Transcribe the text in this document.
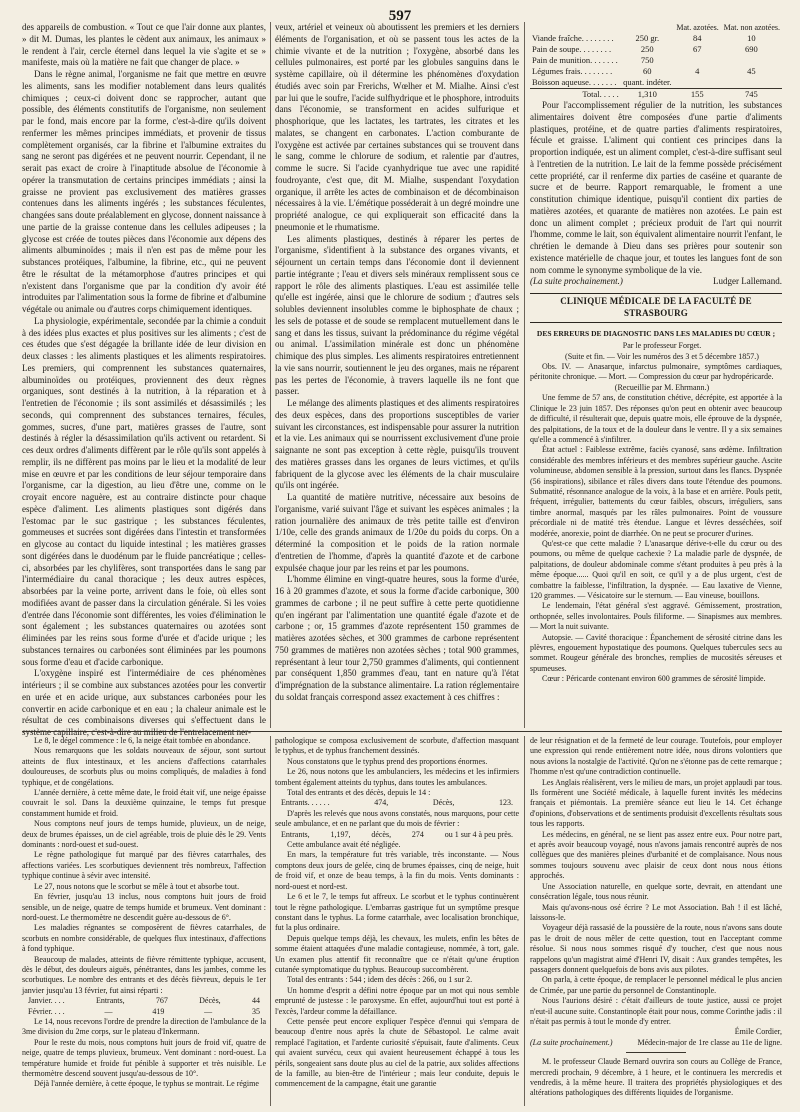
597

des appareils de combustion. « Tout ce que l'air donne aux plantes, » dit M. Dumas, les plantes le cèdent aux animaux, les animaux » le rendent à l'air, cercle éternel dans lequel la vie s'agite et se » manifeste, mais où la matière ne fait que changer de place. »

Dans le règne animal, l'organisme ne fait que mettre en œuvre les aliments, sans les modifier notablement dans leurs qualités chimiques ; ceux-ci doivent donc se rapprocher, autant que possible, des éléments constitutifs de l'organisme, non seulement par le fond, mais encore par la forme, c'est-à-dire qu'ils doivent renfermer les mêmes principes immédiats, et provenir de tissus complètement organisés, car la fibrine et l'albumine extraites du sang ne seront pas digérées et ne peuvent nourrir. Cependant, il ne serait pas exact de croire à l'inaptitude absolue de l'économie à opérer la transmutation de certains principes immédiats ; ainsi la graisse ne provient pas exclusivement des matières grasses contenues dans les aliments ingérés ; les substances féculentes, changées sans doute préalablement en glycose, donnent naissance à une partie de la graisse contenue dans les cellules adipeuses ; la glycose est créée de toutes pièces dans l'économie aux dépens des aliments albuminoïdes ; mais il n'en est pas de même pour les substances protéiques, l'albumine, la fibrine, etc., qui ne peuvent être le résultat de la métamorphose d'autres principes et qui n'existent dans l'organisme que par la condition d'y avoir été introduites par l'alimentation sous la forme de fibrine et d'albumine végétale ou animale ou d'autres corps chimiquement identiques.

La physiologie, expérimentale, secondée par la chimie a conduit à des idées plus exactes et plus positives sur les aliments ; c'est de ces études que s'est dégagée la brillante idée de leur division en deux classes : les aliments plastiques et les aliments respiratoires. Les premiers, qui comprennent les substances quaternaires, albuminoïdes ou protéiques, proviennent des deux règnes organiques, sont destinés à la nutrition, à la réparation et à l'entretien de l'économie ; ils sont assimilés et désassimilés ; les seconds, qui comprennent des substances ternaires, fécules, gommes, sucres, d'une part, matières grasses de l'autre, sont destinés à régler la désassimilation qu'ils activent ou retardent. Si ces deux ordres d'aliments diffèrent par le rôle qu'ils sont appelés à remplir, ils ne diffèrent pas moins par le lieu et la modalité de leur mise en œuvre et par les conditions de leur séjour temporaire dans l'organisme, car la digestion, au lieu d'être une, comme on le croyait encore naguère, est au contraire distincte pour chaque espèce d'aliment. Les aliments plastiques sont digérés dans l'estomac par le suc gastrique ; les substances féculentes, gommeuses et sucrées sont digérées dans l'intestin et transformées en glycose au contact du liquide intestinal ; les matières grasses sont digérées dans le duodénum par le fluide pancréatique ; celles-ci, absorbées par les chylifères, sont transportées dans le sang par l'intermédiaire du canal thoracique ; les deux autres espèces, absorbées par la veine porte, arrivent dans le foie, où elles sont modifiées avant de passer dans la circulation générale. Si les voies d'entrée dans l'économie sont différentes, les voies d'élimination le sont également ; les substances quaternaires ou azotées sont éliminées par les reins sous forme d'urée et d'acide urique ; les substances ternaires ou carbonées sont éliminées par les poumons sous forme d'eau et d'acide carbonique.

L'oxygène inspiré est l'intermédiaire de ces phénomènes intérieurs ; il se combine aux substances azotées pour les convertir en urée et en acide urique, aux substances carbonées pour les convertir en acide carbonique et en eau ; la chaleur animale est le résultat de ces combinaisons diverses qui s'effectuent dans le système capillaire, c'est-à-dire au milieu de l'entrelacement ner-

veux, artériel et veineux où aboutissent les premiers et les derniers éléments de l'organisation, et où se passent tous les actes de la chimie vivante et de la nutrition ; l'oxygène, absorbé dans les cellules pulmonaires, est porté par les globules sanguins dans le système capillaire, où il détermine les phénomènes d'oxydation étudiés avec soin par Frerichs, Wœlher et M. Mialhe. Ainsi c'est par lui que le soufre, l'acide sulfhydrique et le phosphore, introduits dans l'économie, se transforment en acides sulfurique et phosphorique, que les lactates, les tartrates, les citrates et les malates, se changent en carbonates. L'action comburante de l'oxygène est activée par certaines substances qui se trouvent dans le sang, comme le chlorure de sodium, et ralentie par d'autres, comme le sucre. Si l'acide cyanhydrique tue avec une rapidité foudroyante, c'est que, dit M. Mialhe, suspendant l'oxydation organique, il arrête les actes de combinaison et de décombinaison nécessaires à la vie. L'émétique posséderait à un degré moindre une propriété analogue, ce qui expliquerait son efficacité dans la pneumonie et le rhumatisme.

Les aliments plastiques, destinés à réparer les pertes de l'organisme, s'identifient à la substance des organes vivants, et séjournent un certain temps dans l'économie dont il deviennent partie intégrante ; l'eau et divers sels minéraux remplissent sous ce rapport le rôle des aliments plastiques. L'eau est assimilée telle qu'elle est ingérée, ainsi que le chlorure de sodium ; d'autres sels solubles deviennent insolubles comme le biphosphate de chaux ; les sels de potasse et de soude se remplacent mutuellement dans le sang et dans les tissus, suivant la prédominance du régime végétal ou animal. L'assimilation minérale est donc un phénomène chimique des plus simples. Les aliments respiratoires entretiennent la vie sans nourrir, soutiennent le jeu des organes, mais ne réparent pas les pertes de l'économie, à travers laquelle ils ne font que passer.

Le mélange des aliments plastiques et des aliments respiratoires des deux espèces, dans des proportions susceptibles de varier suivant les circonstances, est indispensable pour assurer la nutrition et la vie. Les animaux qui se nourrissent exclusivement d'une proie saignante ne sont pas exception à cette règle, puisqu'ils trouvent des matières grasses dans les organes de leurs victimes, et qu'ils fabriquent de la glycose avec les éléments de la chair musculaire qu'ils ont ingérée.

La quantité de matière nutritive, nécessaire aux besoins de l'organisme, varié suivant l'âge et suivant les espèces animales ; la ration journalière des animaux de très petite taille est d'environ 1/10e, celle des grands animaux de 1/20e du poids du corps. On a déterminé la composition et le poids de la ration normale d'entretien de l'homme, d'après la quantité d'azote et de carbone expulsée chaque jour par les reins et par les poumons.

L'homme élimine en vingt-quatre heures, sous la forme d'urée, 16 à 20 grammes d'azote, et sous la forme d'acide carbonique, 300 grammes de carbone ; il ne peut suffire à cette perte quotidienne qu'en ingérant par l'alimentation une quantité égale d'azote et de carbone ; or, 15 grammes d'azote représentent 150 grammes de matières azotées sèches, et 300 grammes de carbone représentent 750 grammes de matières non azotées sèches ; total 900 grammes, représentant à leur tour 2,750 grammes d'aliments, qui contiennent par conséquent 1,850 grammes d'eau, tant en nature qu'à l'état d'imprégnation de la substance alimentaire. La ration réglementaire du soldat français correspond assez exactement à ces chiffres :

		Mat. azotées.	Mat. non azotées.
Viande fraîche. . . . . . . .	250 gr.	84	10
Pain de soupe. . . . . . . .	250	67	690
Pain de munition. . . . . . .	750		
Légumes frais. . . . . . . .	60	4	45
Boisson aqueuse. . . . . . .	quant. indéter.		
Total. . . . .	1,310	155	745

Pour l'accomplissement régulier de la nutrition, les substances alimentaires doivent être composées d'une partie d'aliments plastiques, protéine, et de quatre parties d'aliments respiratoires, fécule et graisse. L'aliment qui contient ces principes dans la proportion indiquée, est un aliment complet, c'est-à-dire suffisant seul à l'entretien de la nutrition. Le lait de la femme possède précisément cette propriété, car il renferme dix parties de caséine et quarante de sucre et de beurre. Rapport remarquable, le froment a une constitution chimique identique, puisqu'il contient dix parties de matières azotées, et quarante de matières non azotées. Le pain est donc un aliment complet ; précieux produit de l'art qui nourrit l'homme, comme le lait, son équivalent alimentaire nourrit l'enfant, le chrétien le demande à Dieu dans ses prières pour soutenir son existence matérielle de chaque jour, et toutes les langues font de son nom comme le synonyme symbolique de la vie.

(La suite prochainement.)	Ludger Lallemand.
CLINIQUE MÉDICALE DE LA FACULTÉ DE STRASBOURG
DES ERREURS DE DIAGNOSTIC DANS LES MALADIES DU CŒUR ;

Par le professeur Forget.

(Suite et fin. — Voir les numéros des 3 et 5 décembre 1857.)

Obs. IV. — Anasarque, infarctus pulmonaire, symptômes cardiaques, péritonite chronique. — Mort. — Compression du cœur par hydropéricarde.

(Recueillie par M. Ehrmann.)

Une femme de 57 ans, de constitution chétive, décrépite, est apportée à la Clinique le 23 juin 1857. Des réponses qu'on peut en obtenir avec beaucoup de difficulté, il résulterait que, depuis quatre mois, elle éprouve de la dyspnée, des palpitations, de la toux et de la douleur dans le ventre. Il y a six semaines qu'elle a commencé à s'infiltrer.

État actuel : Faiblesse extrême, faciès cyanosé, sans œdème. Infiltration considérable des membres inférieurs et des membres supérieur gauche. Ascite volumineuse, abdomen sensible à la pression, surtout dans les flancs. Dyspnée (56 inspirations), sibilance et râles divers dans toute l'étendue des poumons. Submatité, résonnance analogue de la voix, à la base et en arrière. Pouls petit, fréquent, irrégulier, battements du cœur faibles, obscurs, irréguliers, sans timbre anormal, masqués par les râles pulmonaires. Point de voussure précordiale ni de matité très étendue. Langue et lèvres desséchées, soif modérée, anorexie, point de diarrhée. On ne peut se procurer d'urines.

Qu'est-ce que cette maladie ? L'anasarque dérive-t-elle du cœur ou des poumons, ou même de quelque cachexie ? La maladie parle de dyspnée, de palpitations, de douleur abdominale comme s'étant produites à peu près à la même époque...... Quoi qu'il en soit, ce qu'il y a de plus urgent, c'est de combattre la faiblesse, l'infiltration, la dyspnée. — Eau laxative de Vienne, 120 grammes. — Vésicatoire sur le sternum. — Eau vineuse, bouillons.

Le lendemain, l'état général s'est aggravé. Gémissement, prostration, orthopnée, selles involontaires. Pouls filiforme. — Sinapismes aux membres. — Mort la nuit suivante.

Autopsie. — Cavité thoracique : Épanchement de sérosité citrine dans les plèvres, engouement hypostatique des poumons. Quelques tubercules secs au sommet. Rougeur générale des bronches, remplies de mucosités séreuses et spumeuses.

Cœur : Péricarde contenant environ 600 grammes de sérosité limpide.

Le 8, le dégel commence : le 6, la neige était tombée en abondance.

Nous remarquons que les soldats nouveaux de séjour, sont surtout atteints de flux intestinaux, et les anciens d'affections catarrhales douloureuses, de scorbuts plus ou moins compliqués, de maladies à fond typhique, et de congélations.

L'année dernière, à cette même date, le froid était vif, une neige épaisse couvrait le sol. Dans la deuxième quinzaine, le temps fut presque constamment humide et froid.

Nous comptons neuf jours de temps humide, pluvieux, un de neige, deux de brumes épaisses, un de ciel agréable, trois de pluie dès le 29. Vents dominants : nord-ouest et sud-ouest.

Le règne pathologique fut marqué par des fièvres catarrhales, des affections variées. Les scorbutiques deviennent très nombreux, l'affection typhique continue à sévir avec intensité.

Le 27, nous notons que le scorbut se mêle à tout et absorbe tout.

En février, jusqu'au 13 inclus, nous comptons huit jours de froid sensible, un de neige, quatre de temps humide et brumeux. Vent dominant : nord-ouest. Le thermomètre ne descendit guère au-dessous de 6°.

Les maladies régnantes se composèrent de fièvres catarrhales, de scorbuts en nombre considérable, de quelques flux intestinaux, d'affections à fond typhique.

Beaucoup de malades, atteints de fièvre rémittente typhique, accusent, dès le début, des douleurs aiguës, pénétrantes, dans les jambes, comme les scorbutiques. Le nombre des entrants et des décès fièvreux, depuis le 1er janvier jusqu'au 13 février, fut ainsi réparti :

Janvier. . . .	Entrants,	767	Décès,	44
Février. . . .	—	419	—	35

Le 14, nous recevons l'ordre de prendre la direction de l'ambulance de la 3me division du 2me corps, sur le plateau d'Inkermann.

Pour le reste du mois, nous comptons huit jours de froid vif, quatre de neige, quatre de temps pluvieux, brumeux. Vent dominant : nord-ouest. La température humide et froide fut pénible à supporter et très nuisible. Le thermomètre descend souvent jusqu'au-dessous de 10°.

Déjà l'année dernière, à cette époque, le typhus se montrait. Le régime

pathologique se composa exclusivement de scorbute, d'affection masquant le typhus, et de typhus franchement dessinés.

Nous constatons que le typhus prend des proportions énormes.

Le 26, nous notons que les ambulanciers, les médecins et les infirmiers tombent également atteints du typhus, dans toutes les ambulances.

Total des entrants et des décès, depuis le 14 :

Entrants. . . . . .	474,	Décès,	123.

D'après les relevés que nous avons constatés, nous marquons, pour cette seule ambulance, et en ne parlant que du mois de février :

Entrants,	1,197,	décès,	274	ou 1 sur 4 à peu près.

Cette ambulance avait été négligée.

En mars, la température fut très variable, très inconstante. — Nous comptons deux jours de gelée, cinq de brumes épaisses, cinq de neige, huit de froid vif, et onze de beau temps, à la fin du mois. Vents dominants : nord-ouest et nord-est.

Le 6 et le 7, le temps fut affreux. Le scorbut et le typhus continuèrent tout le règne pathologique. L'embarras gastrique fut un symptôme presque constant dans le typhus. La forme catarrhale, avec localisation bronchique, fut la plus ordinaire.

Depuis quelque temps déjà, les chevaux, les mulets, enfin les bêtes de somme étaient attaquées d'une maladie contagieuse, nommée, à tort, gale. Un examen plus attentif fit reconnaître que ce n'était qu'une éruption cutanée symptomatique du typhus. Beaucoup succombèrent.

Total des entrants : 544 ; idem des décès : 266, ou 1 sur 2.

Un homme d'esprit a défini notre époque par un mot qui nous semble emprunté de justesse : le paroxysme. En effet, aujourd'hui tout est porté à l'excès, l'ardeur comme la défaillance.

Cette pensée peut encore expliquer l'espèce d'ennui qui s'empara de beaucoup d'entre nous après la chute de Sébastopol. Le calme avait remplacé l'agitation, et l'ardente curiosité s'épuisait, faute d'aliments. Ceux qui avaient survécu, ceux qui avaient heureusement échappé à tous les périls, songeaient sans doute plus au ciel de la patrie, aux solides affections de la famille, au bien-être de l'intérieur ; mais leur conduite, depuis le commencement de la campagne, était une garantie

de leur résignation et de la fermeté de leur courage. Toutefois, pour employer une expression qui rende entièrement notre idée, nous dirons volontiers que nous avions la nostalgie de l'activité. Qu'on ne s'étonne pas de cette remarque ; l'homme n'est qu'une contradiction continuelle.

Les Anglais réalisèrent, vers le milieu de mars, un projet applaudi par tous. Ils formèrent une Société médicale, à laquelle furent invités les médecins français et piémontais. La première séance eut lieu le 14. Cet échange d'opinions, d'observations et de sentiments produisit d'excellents résultats sous tous les rapports.

Les médecins, en général, ne se lient pas assez entre eux. Pour notre part, et après avoir beaucoup voyagé, nous n'avons jamais rencontré auprès de nos collègues que des manières pleines d'urbanité et de complaisance. Nous nous sommes toujours souvenu avec plaisir de ceux dont nous nous étions approchés.

Une Association naturelle, en quelque sorte, devrait, en attendant une consécration légale, tous nous réunir.

Mais qu'avons-nous osé écrire ? Le mot Association. Bah ! il est lâché, laissons-le.

Voyageur déjà rassasié de la poussière de la route, nous n'avons sans doute pas le droit de nous mêler de cette question, tout en l'acceptant comme résolue. Si nous nous sommes risqué d'y toucher, c'est que nous nous rappelons qu'un magistrat aimé d'Henri IV, disait : Aux grandes tempêtes, les passagers donnent quelquefois de bons avis aux pilotes.

On parla, à cette époque, de remplacer le personnel médical le plus ancien de Crimée, par une partie du personnel de Constantinople.

Nous l'aurions désiré : c'était d'ailleurs de toute justice, aussi ce projet n'eut-il aucune suite. Constantinople était pour nous, comme Corinthe jadis : il n'était pas permis à tout le monde d'y entrer.

Émile Cordier,

(La suite prochainement.)	Médecin-major de 1re classe au 11e de ligne.

M. le professeur Claude Bernard ouvrira son cours au Collège de France, mercredi prochain, 9 décembre, à 1 heure, et le continuera les mercredis et vendredis, à la même heure. Il traitera des propriétés physiologiques et des altérations pathologiques des différents liquides de l'organisme.
